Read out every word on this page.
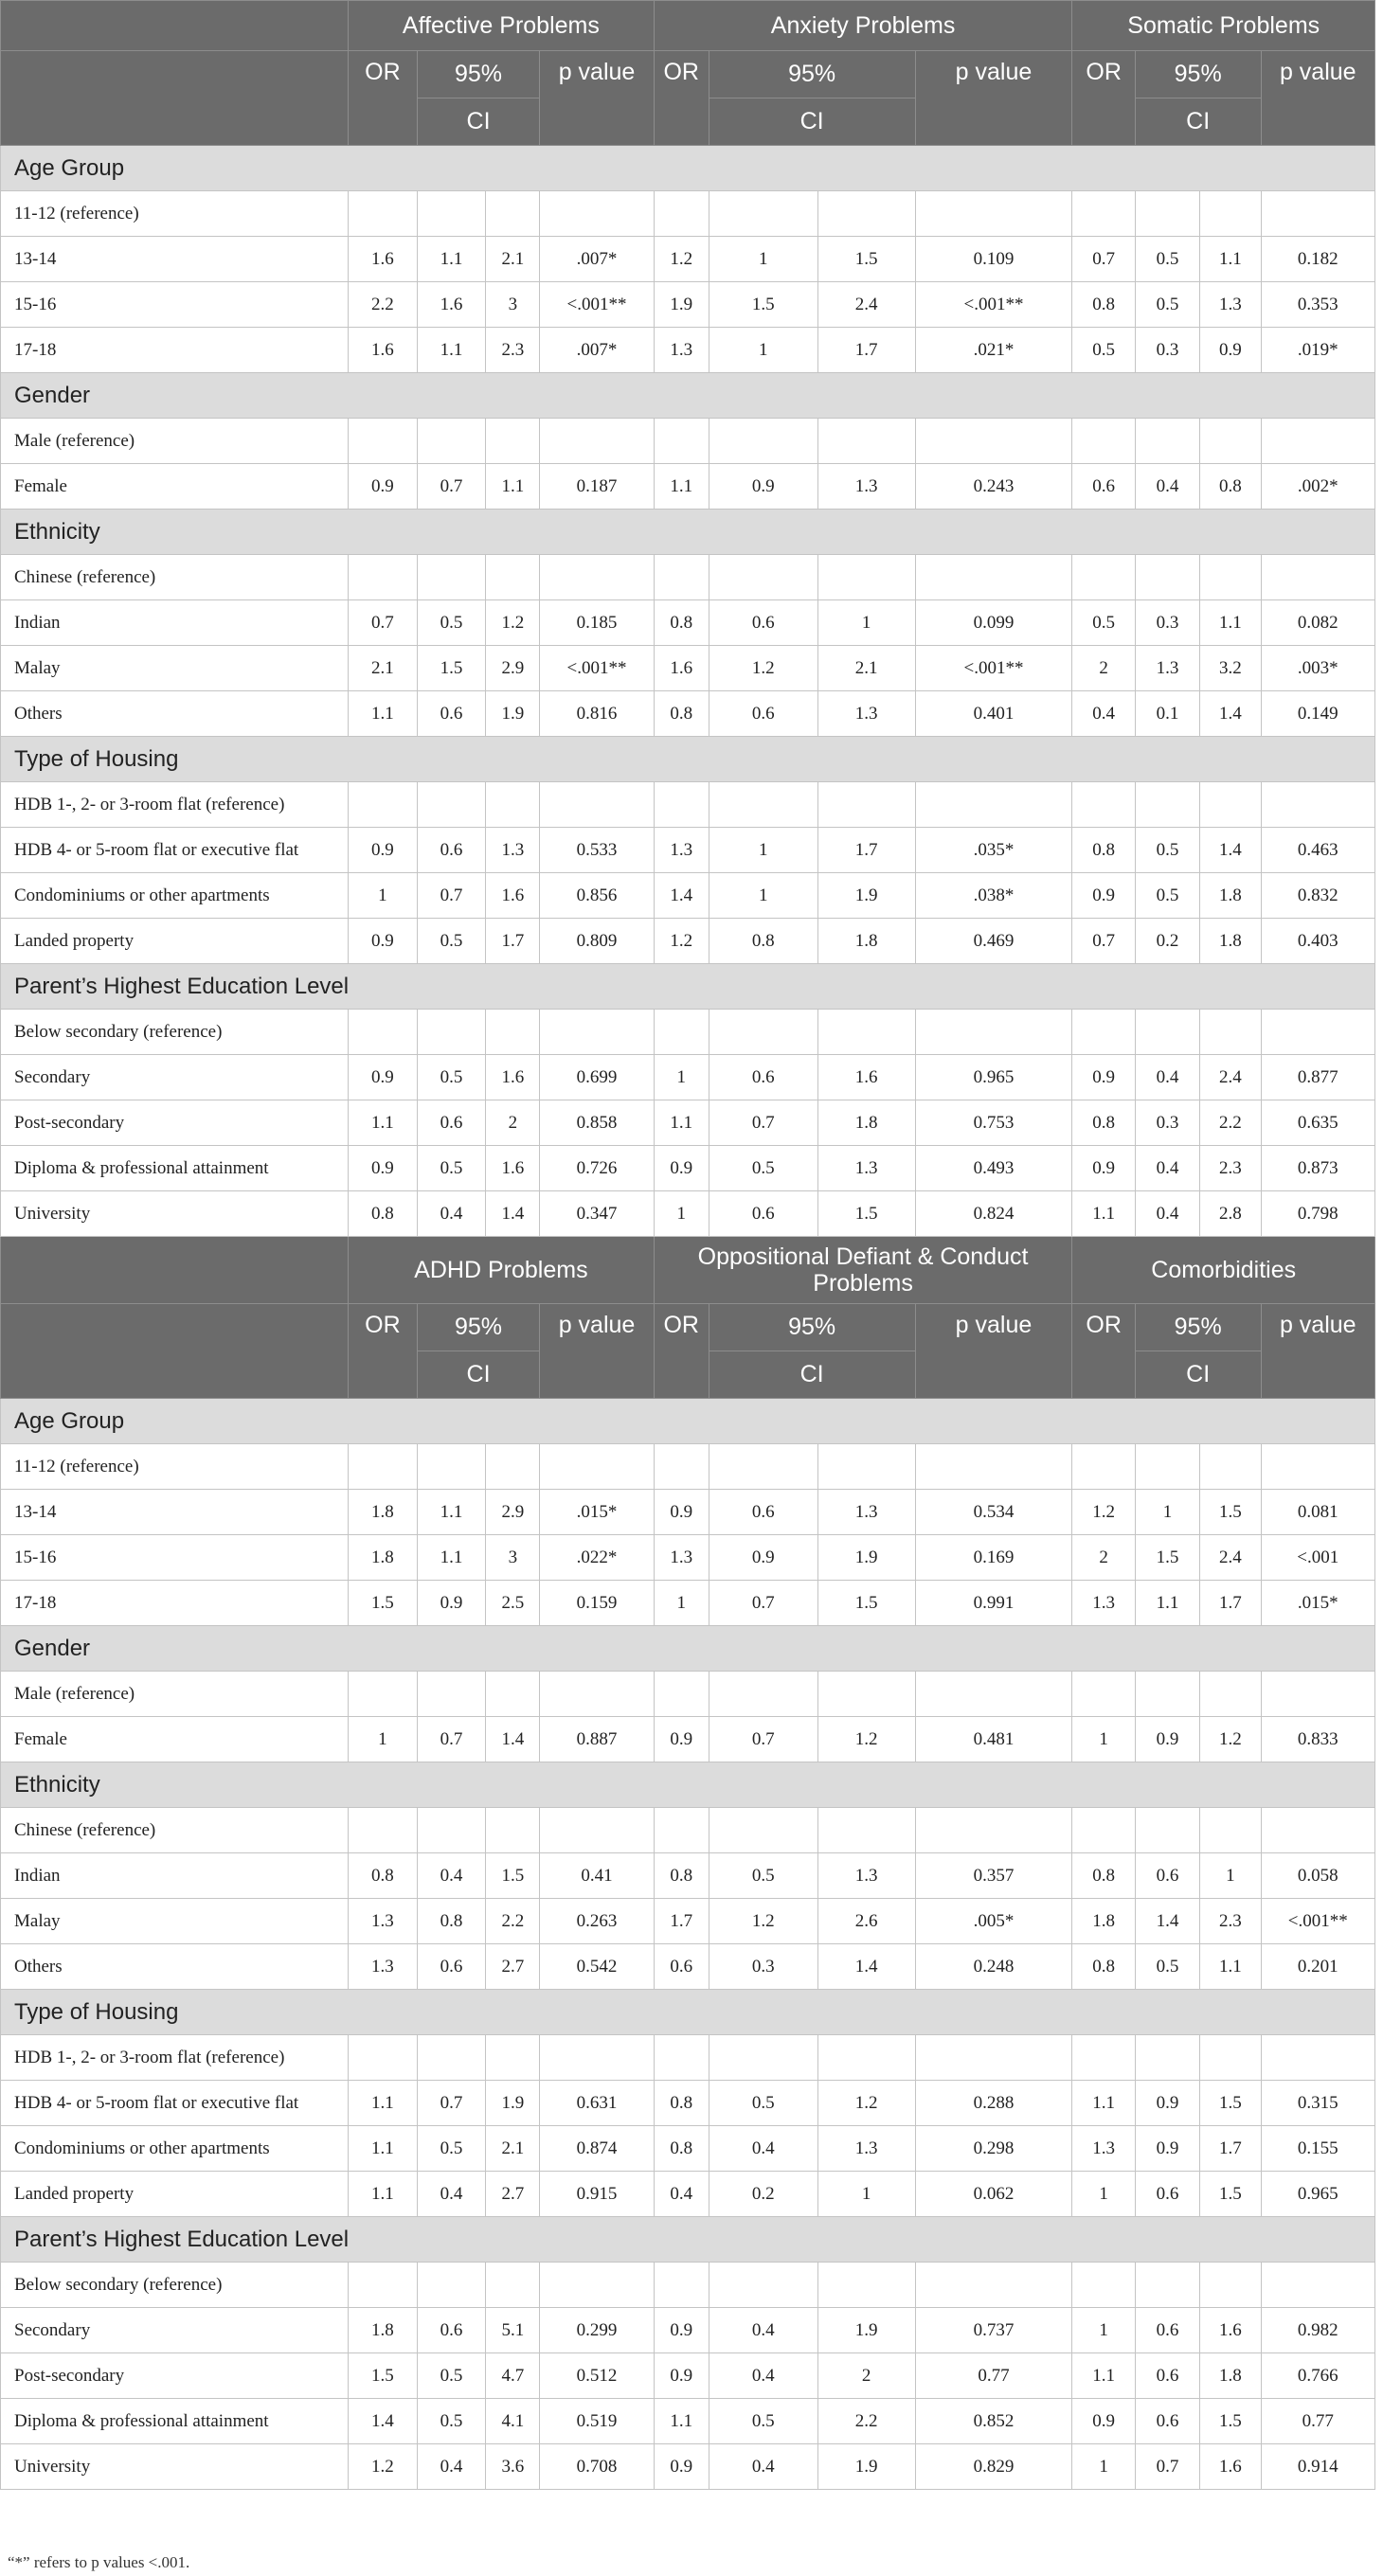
	Affective Problems				Anxiety Problems				Somatic Problems			
	OR	95%		p value	OR	95%		p value	OR	95%		p value
		CI				CI				CI		
Age Group												
11-12 (reference)												
13-14	1.6	1.1	2.1	.007*	1.2	1	1.5	0.109	0.7	0.5	1.1	0.182
15-16	2.2	1.6	3	<.001**	1.9	1.5	2.4	<.001**	0.8	0.5	1.3	0.353
17-18	1.6	1.1	2.3	.007*	1.3	1	1.7	.021*	0.5	0.3	0.9	.019*
Gender												
Male (reference)												
Female	0.9	0.7	1.1	0.187	1.1	0.9	1.3	0.243	0.6	0.4	0.8	.002*
Ethnicity												
Chinese (reference)												
Indian	0.7	0.5	1.2	0.185	0.8	0.6	1	0.099	0.5	0.3	1.1	0.082
Malay	2.1	1.5	2.9	<.001**	1.6	1.2	2.1	<.001**	2	1.3	3.2	.003*
Others	1.1	0.6	1.9	0.816	0.8	0.6	1.3	0.401	0.4	0.1	1.4	0.149
Type of Housing												
HDB 1-, 2- or 3-room flat (reference)												
HDB 4- or 5-room flat or executive flat	0.9	0.6	1.3	0.533	1.3	1	1.7	.035*	0.8	0.5	1.4	0.463
Condominiums or other apartments	1	0.7	1.6	0.856	1.4	1	1.9	.038*	0.9	0.5	1.8	0.832
Landed property	0.9	0.5	1.7	0.809	1.2	0.8	1.8	0.469	0.7	0.2	1.8	0.403
Parent’s Highest Education Level												
Below secondary (reference)												
Secondary	0.9	0.5	1.6	0.699	1	0.6	1.6	0.965	0.9	0.4	2.4	0.877
Post-secondary	1.1	0.6	2	0.858	1.1	0.7	1.8	0.753	0.8	0.3	2.2	0.635
Diploma & professional attainment	0.9	0.5	1.6	0.726	0.9	0.5	1.3	0.493	0.9	0.4	2.3	0.873
University	0.8	0.4	1.4	0.347	1	0.6	1.5	0.824	1.1	0.4	2.8	0.798
	ADHD Problems				Oppositional Defiant & Conduct Problems				Comorbidities			
	OR	95%		p value	OR	95%		p value	OR	95%		p value
		CI				CI				CI		
Age Group												
11-12 (reference)												
13-14	1.8	1.1	2.9	.015*	0.9	0.6	1.3	0.534	1.2	1	1.5	0.081
15-16	1.8	1.1	3	.022*	1.3	0.9	1.9	0.169	2	1.5	2.4	<.001
17-18	1.5	0.9	2.5	0.159	1	0.7	1.5	0.991	1.3	1.1	1.7	.015*
Gender												
Male (reference)												
Female	1	0.7	1.4	0.887	0.9	0.7	1.2	0.481	1	0.9	1.2	0.833
Ethnicity												
Chinese (reference)												
Indian	0.8	0.4	1.5	0.41	0.8	0.5	1.3	0.357	0.8	0.6	1	0.058
Malay	1.3	0.8	2.2	0.263	1.7	1.2	2.6	.005*	1.8	1.4	2.3	<.001**
Others	1.3	0.6	2.7	0.542	0.6	0.3	1.4	0.248	0.8	0.5	1.1	0.201
Type of Housing												
HDB 1-, 2- or 3-room flat (reference)												
HDB 4- or 5-room flat or executive flat	1.1	0.7	1.9	0.631	0.8	0.5	1.2	0.288	1.1	0.9	1.5	0.315
Condominiums or other apartments	1.1	0.5	2.1	0.874	0.8	0.4	1.3	0.298	1.3	0.9	1.7	0.155
Landed property	1.1	0.4	2.7	0.915	0.4	0.2	1	0.062	1	0.6	1.5	0.965
Parent’s Highest Education Level												
Below secondary (reference)												
Secondary	1.8	0.6	5.1	0.299	0.9	0.4	1.9	0.737	1	0.6	1.6	0.982
Post-secondary	1.5	0.5	4.7	0.512	0.9	0.4	2	0.77	1.1	0.6	1.8	0.766
Diploma & professional attainment	1.4	0.5	4.1	0.519	1.1	0.5	2.2	0.852	0.9	0.6	1.5	0.77
University	1.2	0.4	3.6	0.708	0.9	0.4	1.9	0.829	1	0.7	1.6	0.914
“*” refers to p values <.001.
